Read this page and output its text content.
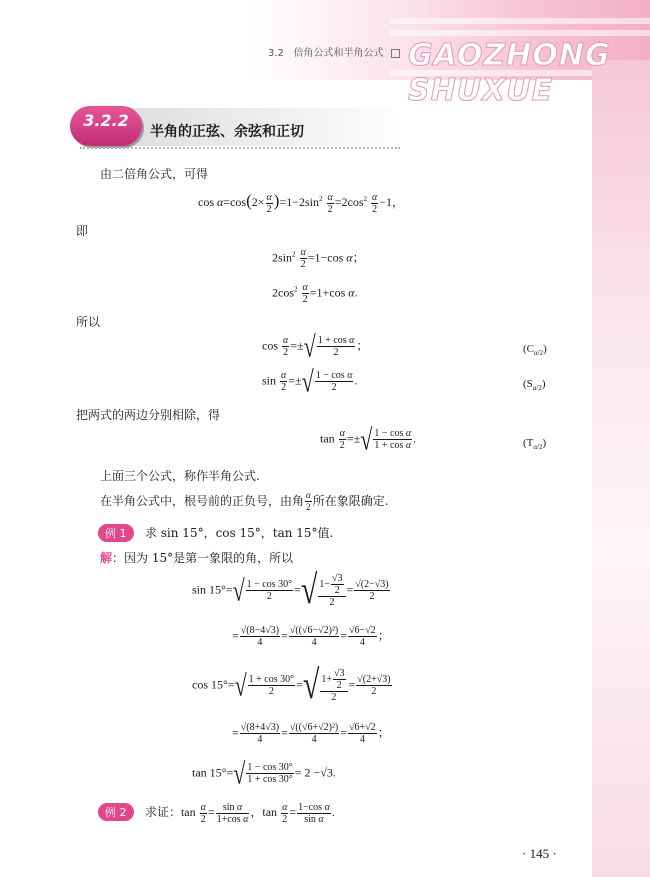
3.2 倍角公式和半角公式 GAOZHONG SHUXUE
3.2.2
半角的正弦、余弦和正切
由二倍角公式，可得
$\cos \alpha=\cos(2\times \frac{\alpha}{2} )=1-2\sin^2 \frac{\alpha}{2} =2\cos^2 \frac{\alpha}{2} -1$，
即
$2\sin^2 \frac{\alpha}{2} =1-\cos$ α；
$2\cos^2 \frac{\alpha}{2} =1+\cos$ α.
所以
$\cos \frac{\alpha}{2}$ =±√ $\frac{\text{1 + cos α}}{2}$ ；	$(C_{\alpha/2})$
$\sin \frac{\alpha}{2}$ =±√ $\frac{\text{1 − cos α}}{2}$ .	$(S_{\alpha/2})$
把两式的两边分别相除，得
$\tan \frac{\alpha}{2}$ =±√ $\frac{\text{1 − cos α}}{\text{1 + cos α}}$ .	$(T_{\alpha/2})$
上面三个公式，称作半角公式.
在半角公式中，根号前的正负号，由角 $\frac{\alpha}{2}$ 所在象限确定.
例 1 求 sin 15°，cos 15°，tan 15°值.
解：因为 15°是第一象限的角，所以
$\sin 15^\circ=√ \frac{1 - \cos 30^\circ}{2}$ =√ $\frac{1- \frac{√3}{2}}{2} = \frac{√(2-√3)}{2}$
= $\frac{√(8-4√3)}{4} = \frac{\text{√((√6−√2)²)}}{4} = \frac{√6-√2}{4}$ ；
$\cos 15^\circ=√ \frac{1 + \cos 30^\circ}{2}$ =√ $\frac{1+ \frac{√3}{2}}{2} = \frac{√(2+√3)}{2}$
= $\frac{√(8+4√3)}{4} = \frac{\text{√((√6+√2)²)}}{4} = \frac{√6+√2}{4}$ ；
$\tan 15^\circ=√ \frac{1 - \cos 30^\circ}{1 + \cos 30^\circ} = 2 -√3$.
例 2 求证：$\tan \frac{\alpha}{2} = \frac{\text{sin α}}{\text{1+cos α}}$ ，$\tan \frac{\alpha}{2} = \frac{\text{1−cos α}}{\text{sin α}}$ .
· 145 ·
